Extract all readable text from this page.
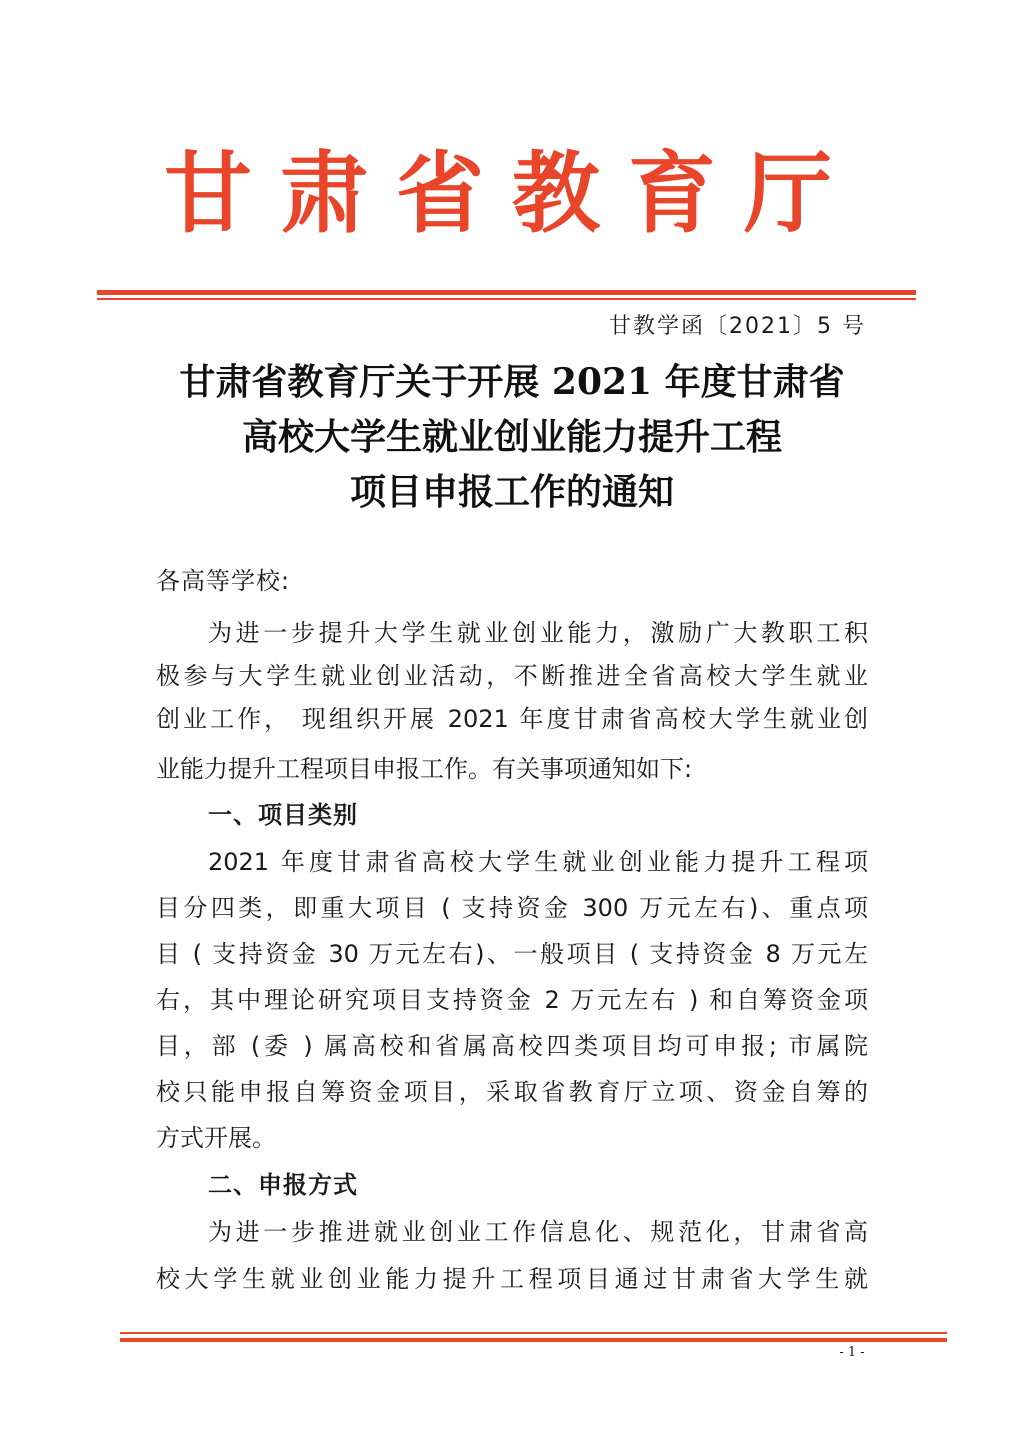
甘肃省教育厅
甘教学函〔2021〕5 号
甘肃省教育厅关于开展 2021 年度甘肃省
高校大学生就业创业能力提升工程
项目申报工作的通知
各高等学校:
为进一步提升大学生就业创业能力，激励广大教职工积
极参与大学生就业创业活动，不断推进全省高校大学生就业
创业工作， 现组织开展 2021 年度甘肃省高校大学生就业创
业能力提升工程项目申报工作。有关事项通知如下:
一、项目类别
2021 年度甘肃省高校大学生就业创业能力提升工程项
目分四类，即重大项目 ( 支持资金 300 万元左右)、重点项
目 ( 支持资金 30 万元左右)、一般项目 ( 支持资金 8 万元左
右，其中理论研究项目支持资金 2 万元左右 ) 和自筹资金项
目，部 (委 ) 属高校和省属高校四类项目均可申报; 市属院
校只能申报自筹资金项目，采取省教育厅立项、资金自筹的
方式开展。
二、申报方式
为进一步推进就业创业工作信息化、规范化，甘肃省高
校大学生就业创业能力提升工程项目通过甘肃省大学生就
- 1 -
